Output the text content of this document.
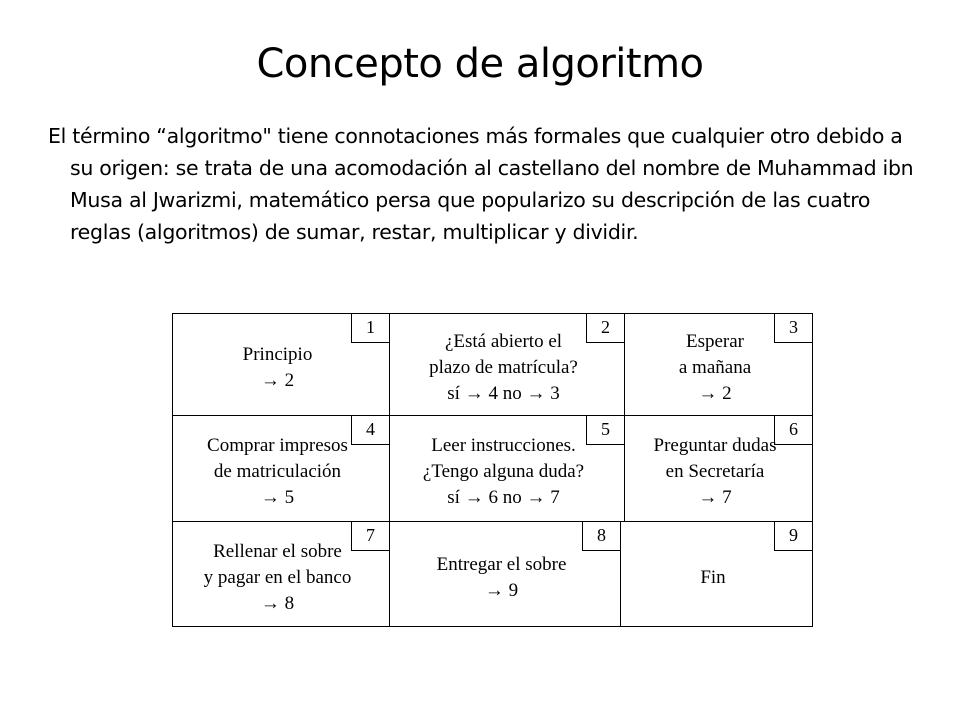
Concepto de algoritmo
El término “algoritmo" tiene connotaciones más formales que cualquier otro debido a su origen: se trata de una acomodación al castellano del nombre de Muhammad ibn Musa al Jwarizmi, matemático persa que popularizo su descripción de las cuatro reglas (algoritmos) de sumar, restar, multiplicar y dividir.
Principio
→ 2
1
¿Está abierto el
plazo de matrícula?
sí → 4 no → 3
2
Esperar
a mañana
→ 2
3
Comprar impresos
de matriculación
→ 5
4
Leer instrucciones.
¿Tengo alguna duda?
sí → 6 no → 7
5
Preguntar dudas
en Secretaría
→ 7
6
Rellenar el sobre
y pagar en el banco
→ 8
7
Entregar el sobre
→ 9
8
Fin
9
